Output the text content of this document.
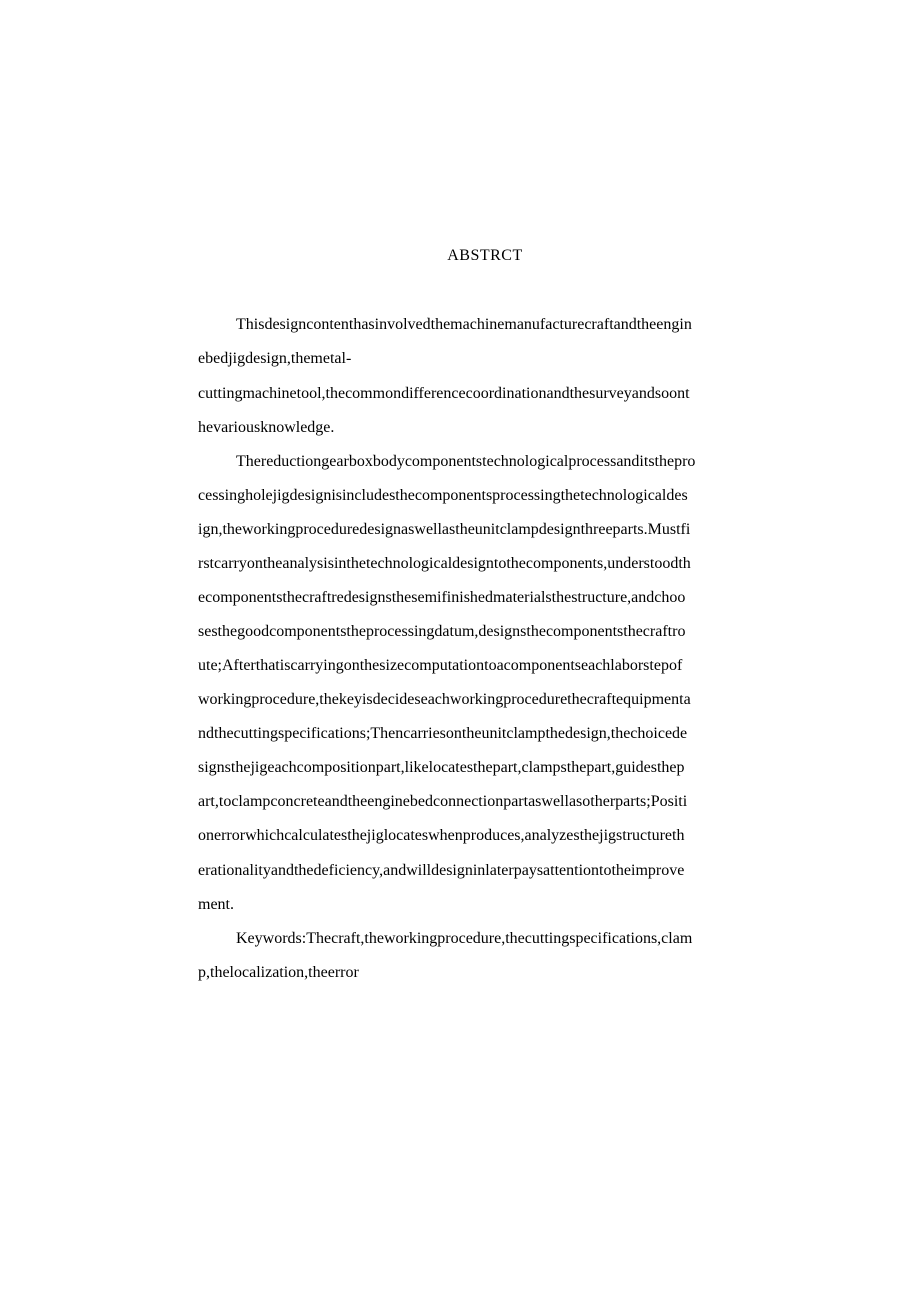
ABSTRCT
Thisdesigncontenthasinvolvedthemachinemanufacturecraftandtheengin
ebedjigdesign,themetal-
cuttingmachinetool,thecommondifferencecoordinationandthesurveyandsoont
hevariousknowledge.
Thereductiongearboxbodycomponentstechnologicalprocessanditsthepro
cessingholejigdesignisincludesthecomponentsprocessingthetechnologicaldes
ign,theworkingproceduredesignaswellastheunitclampdesignthreeparts.Mustfi
rstcarryontheanalysisinthetechnologicaldesigntothecomponents,understoodth
ecomponentsthecraftredesignsthesemifinishedmaterialsthestructure,andchoo
sesthegoodcomponentstheprocessingdatum,designsthecomponentsthecraftro
ute;Afterthatiscarryingonthesizecomputationtoacomponentseachlaborstepof
workingprocedure,thekeyisdecideseachworkingprocedurethecraftequipmenta
ndthecuttingspecifications;Thencarriesontheunitclampthedesign,thechoicede
signsthejigeachcompositionpart,likelocatesthepart,clampsthepart,guidesthep
art,toclampconcreteandtheenginebedconnectionpartaswellasotherparts;Positi
onerrorwhichcalculatesthejiglocateswhenproduces,analyzesthejigstructureth
erationalityandthedeficiency,andwilldesigninlaterpaysattentiontotheimprove
ment.
Keywords:Thecraft,theworkingprocedure,thecuttingspecifications,clam
p,thelocalization,theerror
